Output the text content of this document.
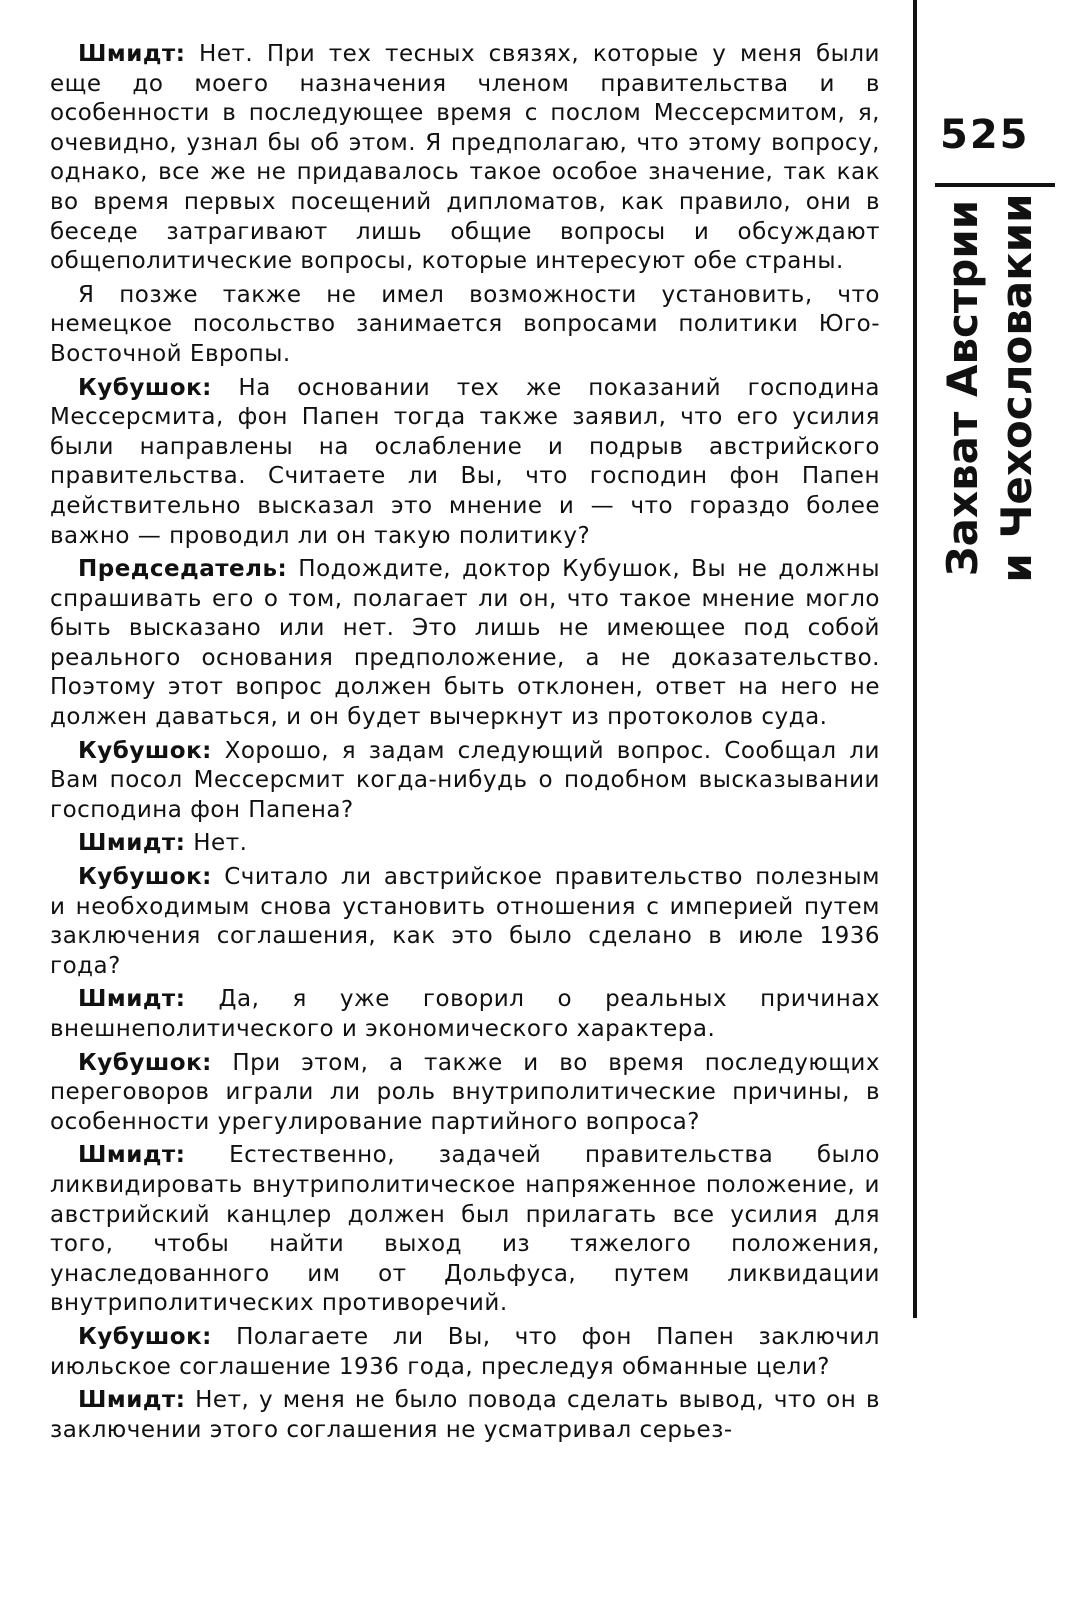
Шмидт: Нет. При тех тесных связях, которые у меня были еще до моего назначения членом правительства и в особенности в последующее время с послом Мессерсмитом, я, очевидно, узнал бы об этом. Я предполагаю, что этому вопросу, однако, все же не придавалось такое особое значение, так как во время первых посещений дипломатов, как правило, они в беседе затрагивают лишь общие вопросы и обсуждают общеполитические вопросы, которые интересуют обе страны.

Я позже также не имел возможности установить, что немецкое посольство занимается вопросами политики Юго-Восточной Европы.

Кубушок: На основании тех же показаний господина Мессерсмита, фон Папен тогда также заявил, что его усилия были направлены на ослабление и подрыв австрийского правительства. Считаете ли Вы, что господин фон Папен действительно высказал это мнение и — что гораздо более важно — проводил ли он такую политику?

Председатель: Подождите, доктор Кубушок, Вы не должны спрашивать его о том, полагает ли он, что такое мнение могло быть высказано или нет. Это лишь не имеющее под собой реального основания предположение, а не доказательство. Поэтому этот вопрос должен быть отклонен, ответ на него не должен даваться, и он будет вычеркнут из протоколов суда.

Кубушок: Хорошо, я задам следующий вопрос. Сообщал ли Вам посол Мессерсмит когда-нибудь о подобном высказывании господина фон Папена?

Шмидт: Нет.

Кубушок: Считало ли австрийское правительство полезным и необходимым снова установить отношения с империей путем заключения соглашения, как это было сделано в июле 1936 года?

Шмидт: Да, я уже говорил о реальных причинах внешнеполитического и экономического характера.

Кубушок: При этом, а также и во время последующих переговоров играли ли роль внутриполитические причины, в особенности урегулирование партийного вопроса?

Шмидт: Естественно, задачей правительства было ликвидировать внутриполитическое напряженное положение, и австрийский канцлер должен был прилагать все усилия для того, чтобы найти выход из тяжелого положения, унаследованного им от Дольфуса, путем ликвидации внутриполитических противоречий.

Кубушок: Полагаете ли Вы, что фон Папен заключил июльское соглашение 1936 года, преследуя обманные цели?

Шмидт: Нет, у меня не было повода сделать вывод, что он в заключении этого соглашения не усматривал серьез-

525
Захват Австрии и Чехословакии
